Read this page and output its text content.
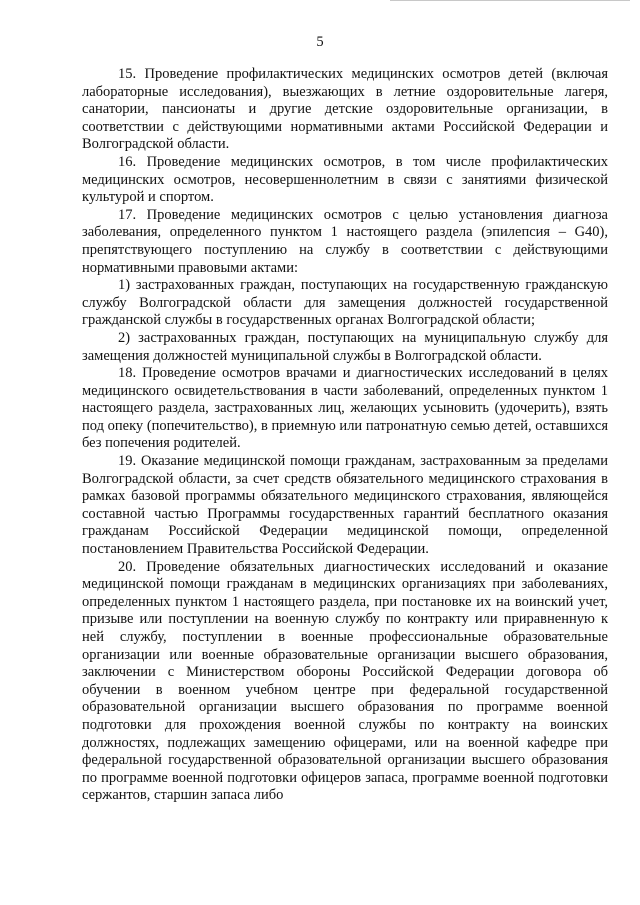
5

15. Проведение профилактических медицинских осмотров детей (включая лабораторные исследования), выезжающих в летние оздоровительные лагеря, санатории, пансионаты и другие детские оздоровительные организации, в соответствии с действующими нормативными актами Российской Федерации и Волгоградской области.

16. Проведение медицинских осмотров, в том числе профилактических медицинских осмотров, несовершеннолетним в связи с занятиями физической культурой и спортом.

17. Проведение медицинских осмотров с целью установления диагноза заболевания, определенного пунктом 1 настоящего раздела (эпилепсия – G40), препятствующего поступлению на службу в соответствии с действующими нормативными правовыми актами:

1) застрахованных граждан, поступающих на государственную гражданскую службу Волгоградской области для замещения должностей государственной гражданской службы в государственных органах Волгоградской области;

2) застрахованных граждан, поступающих на муниципальную службу для замещения должностей муниципальной службы в Волгоградской области.

18. Проведение осмотров врачами и диагностических исследований в целях медицинского освидетельствования в части заболеваний, определенных пунктом 1 настоящего раздела, застрахованных лиц, желающих усыновить (удочерить), взять под опеку (попечительство), в приемную или патронатную семью детей, оставшихся без попечения родителей.

19. Оказание медицинской помощи гражданам, застрахованным за пределами Волгоградской области, за счет средств обязательного медицинского страхования в рамках базовой программы обязательного медицинского страхования, являющейся составной частью Программы государственных гарантий бесплатного оказания гражданам Российской Федерации медицинской помощи, определенной постановлением Правительства Российской Федерации.

20. Проведение обязательных диагностических исследований и оказание медицинской помощи гражданам в медицинских организациях при заболеваниях, определенных пунктом 1 настоящего раздела, при постановке их на воинский учет, призыве или поступлении на военную службу по контракту или приравненную к ней службу, поступлении в военные профессиональные образовательные организации или военные образовательные организации высшего образования, заключении с Министерством обороны Российской Федерации договора об обучении в военном учебном центре при федеральной государственной образовательной организации высшего образования по программе военной подготовки для прохождения военной службы по контракту на воинских должностях, подлежащих замещению офицерами, или на военной кафедре при федеральной государственной образовательной организации высшего образования по программе военной подготовки офицеров запаса, программе военной подготовки сержантов, старшин запаса либо
